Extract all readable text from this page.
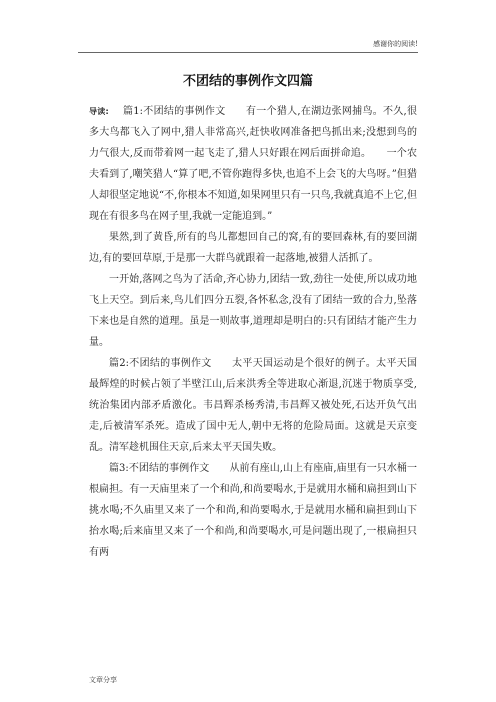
感谢你的阅读!
不团结的事例作文四篇

导读: 篇1:不团结的事例作文　　有一个猎人,在湖边张网捕鸟。不久,很多大鸟都飞入了网中,猎人非常高兴,赶快收网准备把鸟抓出来;没想到鸟的力气很大,反而带着网一起飞走了,猎人只好跟在网后面拼命追。　　一个农夫看到了,嘲笑猎人“算了吧,不管你跑得多快,也追不上会飞的大鸟呀。”但猎人却很坚定地说“不,你根本不知道,如果网里只有一只鸟,我就真追不上它,但现在有很多鸟在网子里,我就一定能追到。”

果然,到了黄昏,所有的鸟儿都想回自己的窝,有的要回森林,有的要回湖边,有的要回草原,于是那一大群鸟就跟着一起落地,被猎人活抓了。

一开始,落网之鸟为了活命,齐心协力,团结一致,劲往一处使,所以成功地飞上天空。到后来,鸟儿们四分五裂,各怀私念,没有了团结一致的合力,坠落下来也是自然的道理。虽是一则故事,道理却是明白的:只有团结才能产生力量。

篇2:不团结的事例作文　　太平天国运动是个很好的例子。太平天国最辉煌的时候占领了半壁江山,后来洪秀全等进取心渐退,沉迷于物质享受,统治集团内部矛盾激化。韦昌辉杀杨秀清,韦昌辉又被处死,石达开负气出走,后被清军杀死。造成了国中无人,朝中无将的危险局面。这就是天京变乱。清军趁机围住天京,后来太平天国失败。

篇3:不团结的事例作文　　从前有座山,山上有座庙,庙里有一只水桶一根扁担。有一天庙里来了一个和尚,和尚要喝水,于是就用水桶和扁担到山下挑水喝;不久庙里又来了一个和尚,和尚要喝水,于是就用水桶和扁担到山下抬水喝;后来庙里又来了一个和尚,和尚要喝水,可是问题出现了,一根扁担只有两

文章分享
